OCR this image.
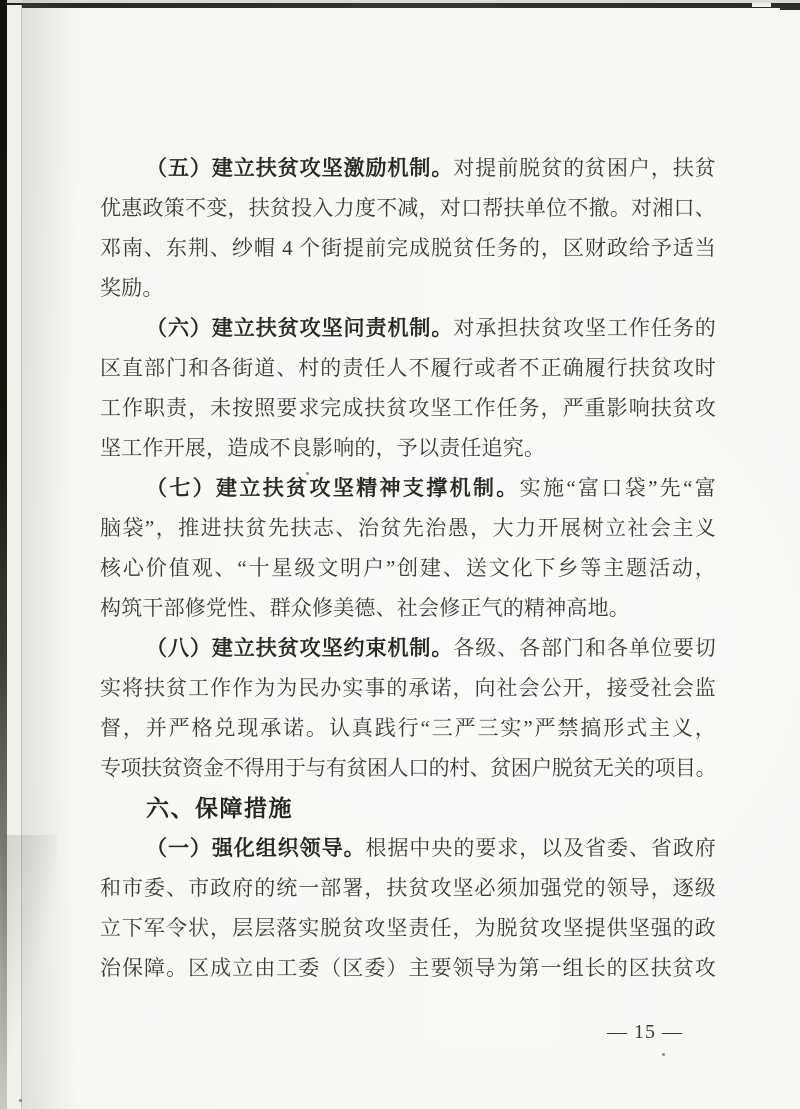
（五）建立扶贫攻坚激励机制。对提前脱贫的贫困户，扶贫
优惠政策不变，扶贫投入力度不减，对口帮扶单位不撤。对湘口、
邓南、东荆、纱帽 4 个街提前完成脱贫任务的，区财政给予适当
奖励。
（六）建立扶贫攻坚问责机制。对承担扶贫攻坚工作任务的
区直部门和各街道、村的责任人不履行或者不正确履行扶贫攻时
工作职责，未按照要求完成扶贫攻坚工作任务，严重影响扶贫攻
坚工作开展，造成不良影响的，予以责任追究。
（七）建立扶贫攻坚精神支撑机制。实施“富口袋”先“富
脑袋”，推进扶贫先扶志、治贫先治愚，大力开展树立社会主义
核心价值观、“十星级文明户”创建、送文化下乡等主题活动，
构筑干部修党性、群众修美德、社会修正气的精神高地。
（八）建立扶贫攻坚约束机制。各级、各部门和各单位要切
实将扶贫工作作为为民办实事的承诺，向社会公开，接受社会监
督，并严格兑现承诺。认真践行“三严三实”严禁搞形式主义，
专项扶贫资金不得用于与有贫困人口的村、贫困户脱贫无关的项目。
六、保障措施
（一）强化组织领导。根据中央的要求，以及省委、省政府
和市委、市政府的统一部署，扶贫攻坚必须加强党的领导，逐级
立下军令状，层层落实脱贫攻坚责任，为脱贫攻坚提供坚强的政
治保障。区成立由工委（区委）主要领导为第一组长的区扶贫攻
— 15 —
